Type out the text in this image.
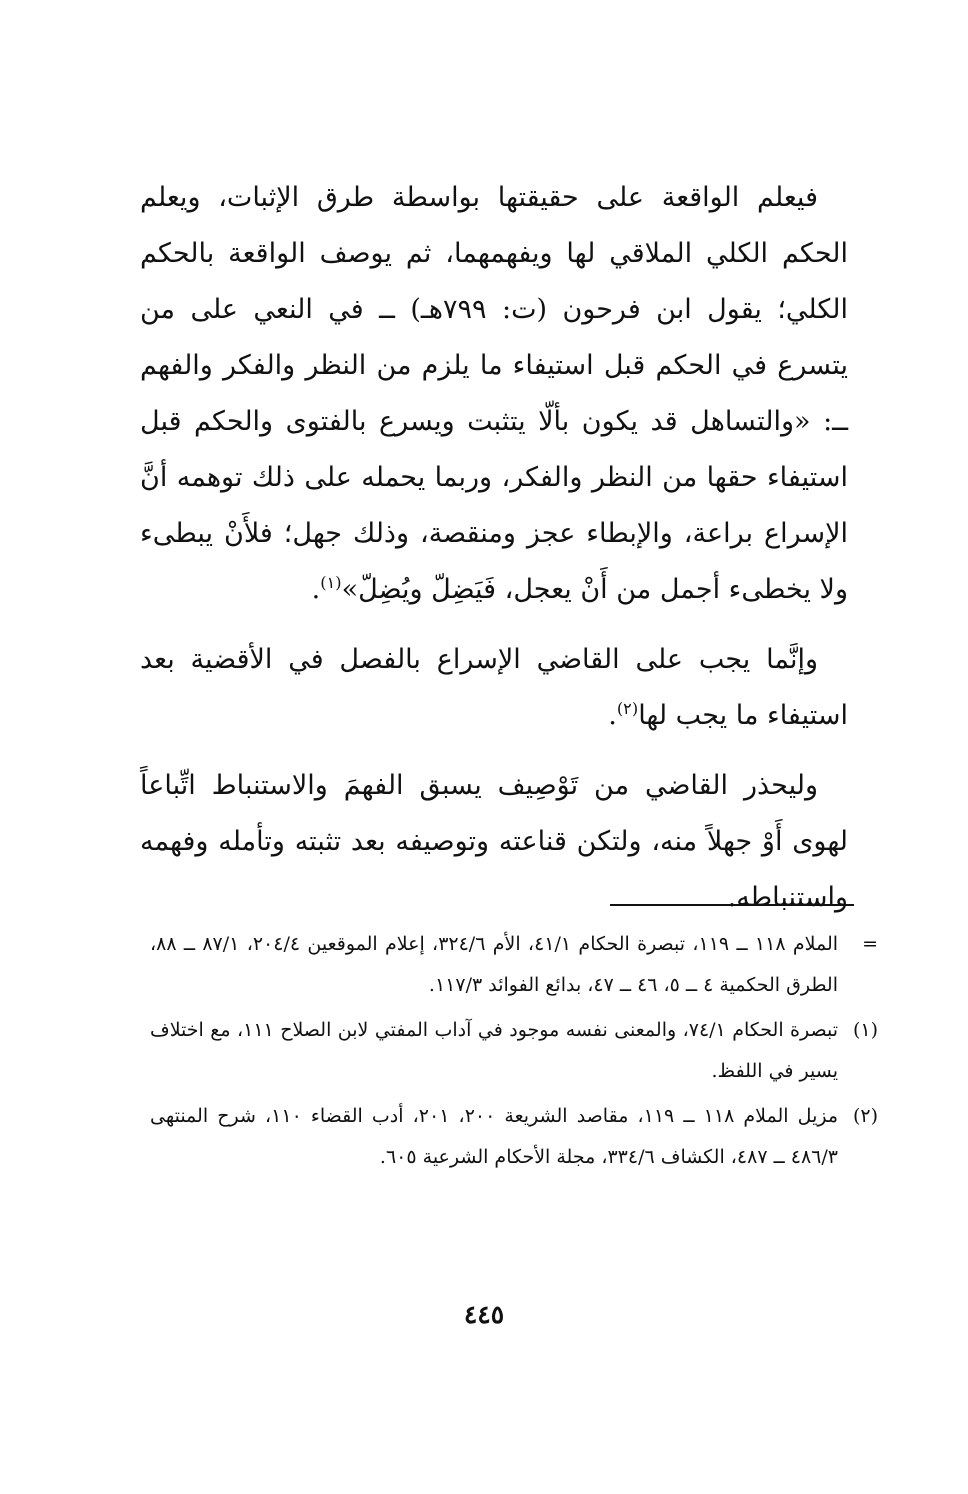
فيعلم الواقعة على حقيقتها بواسطة طرق الإثبات، ويعلم الحكم الكلي الملاقي لها ويفهمهما، ثم يوصف الواقعة بالحكم الكلي؛ يقول ابن فرحون (ت: ٧٩٩هـ) ــ في النعي على من يتسرع في الحكم قبل استيفاء ما يلزم من النظر والفكر والفهم ــ: «والتساهل قد يكون بألّا يتثبت ويسرع بالفتوى والحكم قبل استيفاء حقها من النظر والفكر، وربما يحمله على ذلك توهمه أنَّ الإسراع براعة، والإبطاء عجز ومنقصة، وذلك جهل؛ فلأَنْ يبطىء ولا يخطىء أجمل من أَنْ يعجل، فَيَضِلّ ويُضِلّ»$^{(١)}$.

وإنَّما يجب على القاضي الإسراع بالفصل في الأقضية بعد استيفاء ما يجب لها$^{(٢)}$.

وليحذر القاضي من تَوْصِيف يسبق الفهمَ والاستنباط اتِّباعاً لهوى أَوْ جهلاً منه، ولتكن قناعته وتوصيفه بعد تثبته وتأمله وفهمه واستنباطه.

=
الملام ١١٨ ــ ١١٩، تبصرة الحكام ٤١/١، الأم ٣٢٤/٦، إعلام الموقعين ٢٠٤/٤، ٨٧/١ ــ ٨٨، الطرق الحكمية ٤ ــ ٥، ٤٦ ــ ٤٧، بدائع الفوائد ١١٧/٣.
(١)
تبصرة الحكام ٧٤/١، والمعنى نفسه موجود في آداب المفتي لابن الصلاح ١١١، مع اختلاف يسير في اللفظ.
(٢)
مزيل الملام ١١٨ ــ ١١٩، مقاصد الشريعة ٢٠٠، ٢٠١، أدب القضاء ١١٠، شرح المنتهى ٤٨٦/٣ ــ ٤٨٧، الكشاف ٣٣٤/٦، مجلة الأحكام الشرعية ٦٠٥.
٤٤٥
